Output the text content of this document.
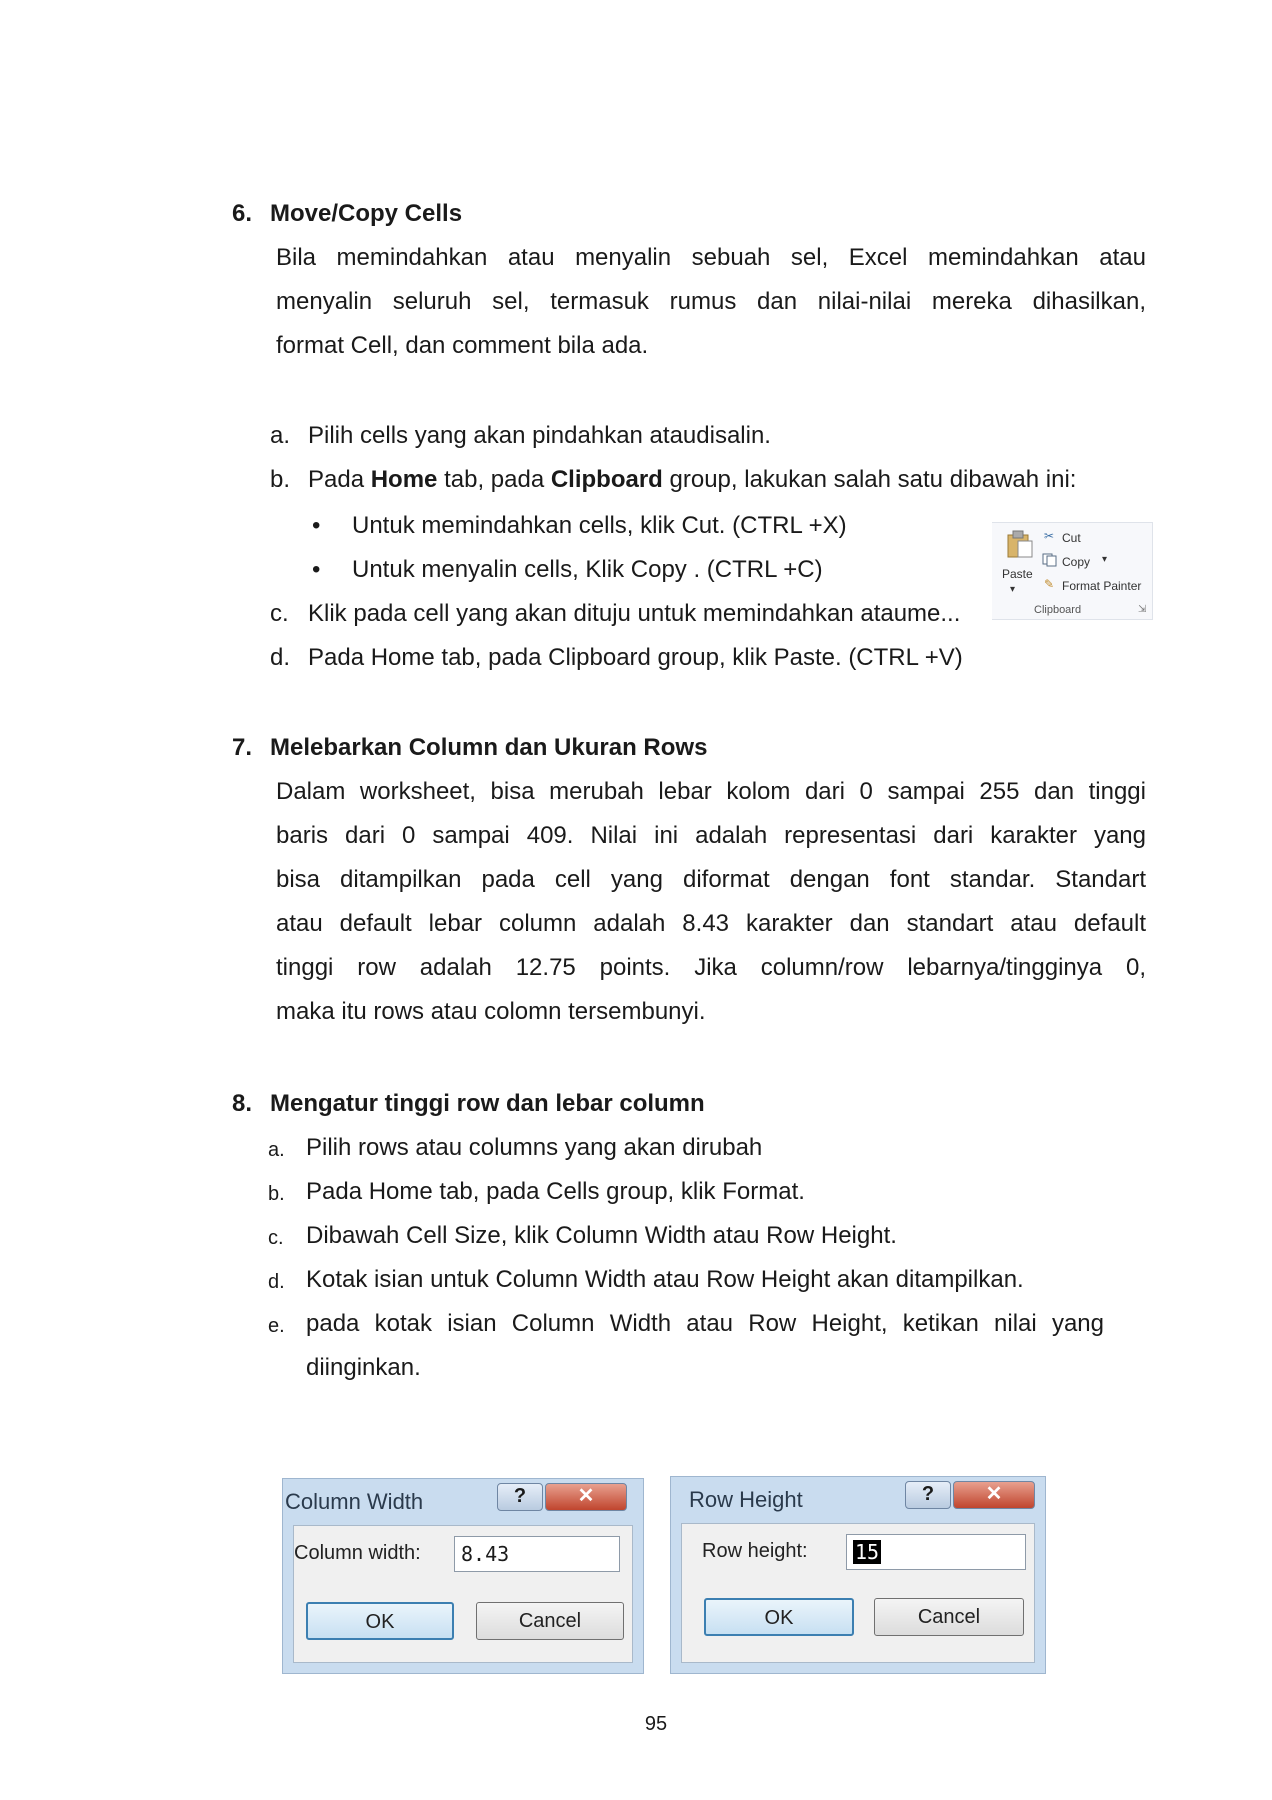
6. Move/Copy Cells
Bila memindahkan atau menyalin sebuah sel, Excel memindahkan atau
menyalin seluruh sel, termasuk rumus dan nilai-nilai mereka dihasilkan,
format Cell, dan comment bila ada.
a. Pilih cells yang akan pindahkan ataudisalin.
b. Pada Home tab, pada Clipboard group, lakukan salah satu dibawah ini:
• Untuk memindahkan cells, klik Cut. (CTRL +X)
• Untuk menyalin cells, Klik Copy . (CTRL +C)
c. Klik pada cell yang akan dituju untuk memindahkan ataume...
d. Pada Home tab, pada Clipboard group, klik Paste. (CTRL +V)
Paste
▾
✂ Cut
Copy ▾
✎ Format Painter
Clipboard	⇲
7. Melebarkan Column dan Ukuran Rows
Dalam worksheet, bisa merubah lebar kolom dari 0 sampai 255 dan tinggi
baris dari 0 sampai 409. Nilai ini adalah representasi dari karakter yang
bisa ditampilkan pada cell yang diformat dengan font standar. Standart
atau default lebar column adalah 8.43 karakter dan standart atau default
tinggi row adalah 12.75 points. Jika column/row lebarnya/tingginya 0,
maka itu rows atau colomn tersembunyi.
8. Mengatur tinggi row dan lebar column
a. Pilih rows atau columns yang akan dirubah
b. Pada Home tab, pada Cells group, klik Format.
c. Dibawah Cell Size, klik Column Width atau Row Height.
d. Kotak isian untuk Column Width atau Row Height akan ditampilkan.
e. pada kotak isian Column Width atau Row Height, ketikan nilai yang
diinginkan.
Column Width	?	✕
Column width:	8.43
OK	Cancel
Row Height	?	✕
Row height:	15
OK	Cancel
95
